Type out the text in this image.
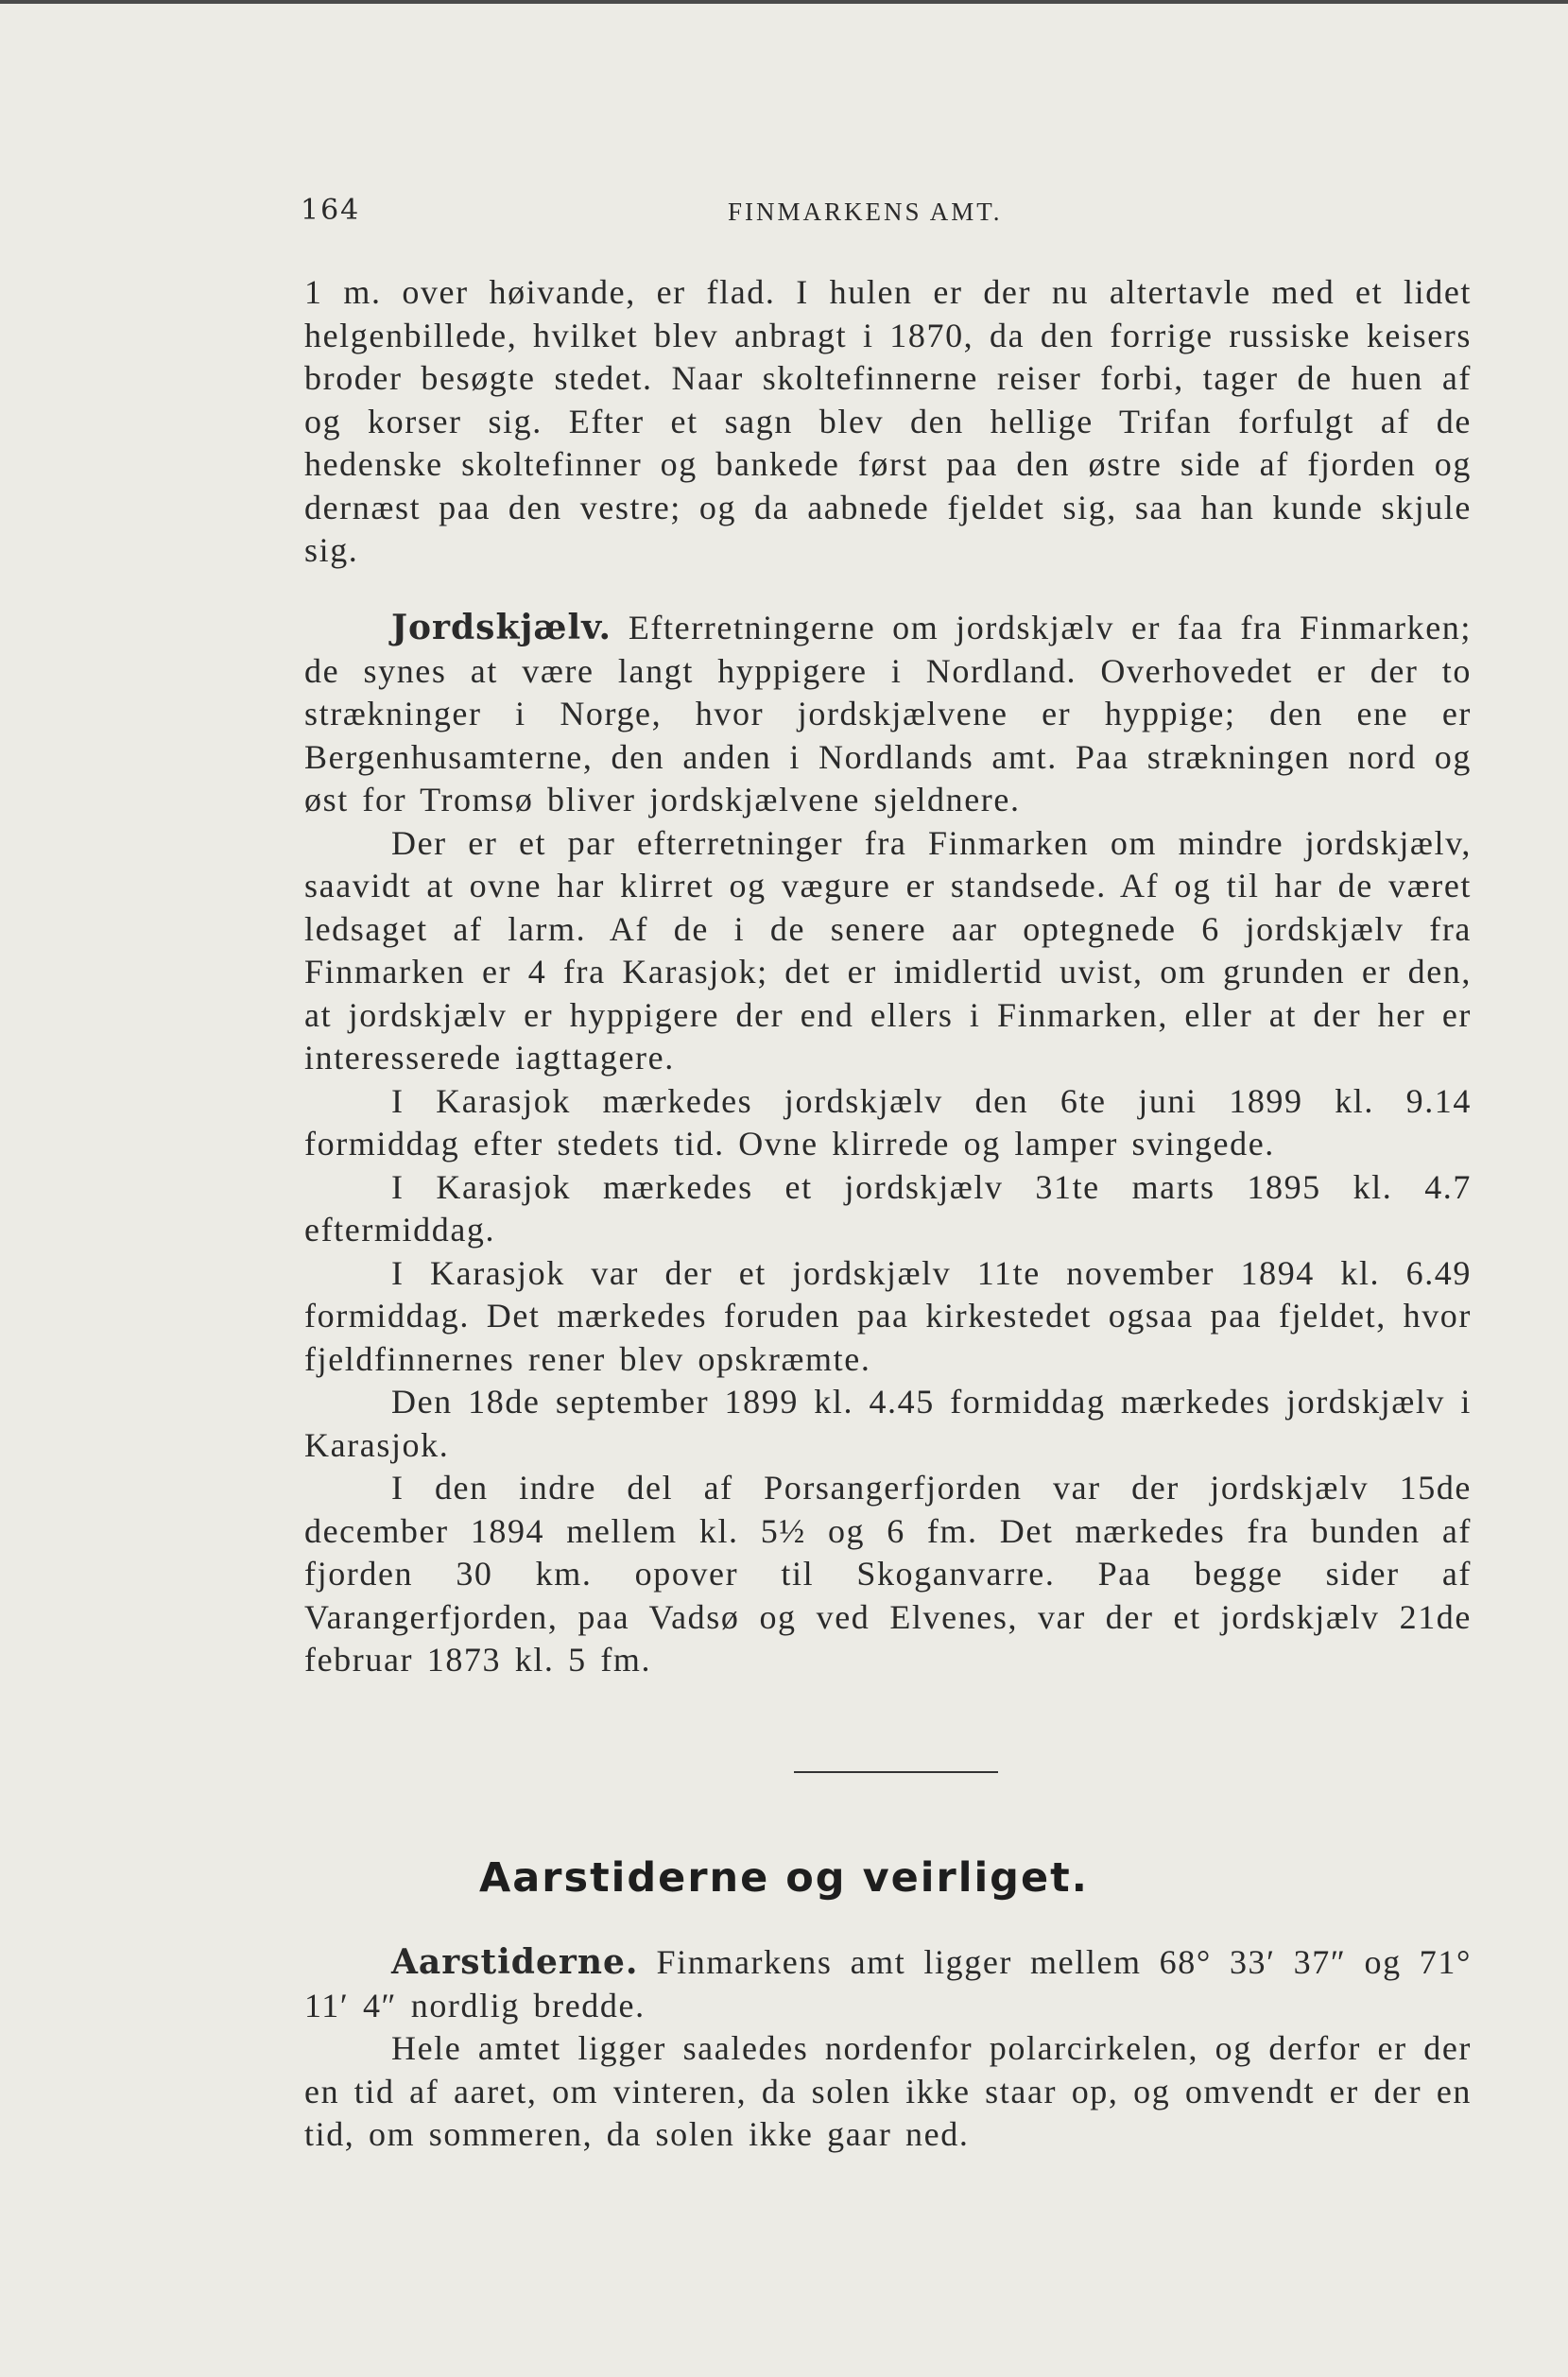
164	FINMARKENS AMT.

1 m. over høivande, er flad. I hulen er der nu altertavle med et lidet helgenbillede, hvilket blev anbragt i 1870, da den forrige russiske keisers broder besøgte stedet. Naar skoltefinnerne reiser forbi, tager de huen af og korser sig. Efter et sagn blev den hellige Trifan forfulgt af de hedenske skoltefinner og bankede først paa den østre side af fjorden og dernæst paa den vestre; og da aabnede fjeldet sig, saa han kunde skjule sig.

Jordskjælv. Efterretningerne om jordskjælv er faa fra Finmarken; de synes at være langt hyppigere i Nordland. Overhovedet er der to strækninger i Norge, hvor jordskjælvene er hyppige; den ene er Bergenhusamterne, den anden i Nordlands amt. Paa strækningen nord og øst for Tromsø bliver jordskjælvene sjeldnere.

Der er et par efterretninger fra Finmarken om mindre jordskjælv, saavidt at ovne har klirret og vægure er standsede. Af og til har de været ledsaget af larm. Af de i de senere aar optegnede 6 jordskjælv fra Finmarken er 4 fra Karasjok; det er imidlertid uvist, om grunden er den, at jordskjælv er hyppigere der end ellers i Finmarken, eller at der her er interesserede iagttagere.

I Karasjok mærkedes jordskjælv den 6te juni 1899 kl. 9.14 formiddag efter stedets tid. Ovne klirrede og lamper svingede.

I Karasjok mærkedes et jordskjælv 31te marts 1895 kl. 4.7 eftermiddag.

I Karasjok var der et jordskjælv 11te november 1894 kl. 6.49 formiddag. Det mærkedes foruden paa kirkestedet ogsaa paa fjeldet, hvor fjeldfinnernes rener blev opskræmte.

Den 18de september 1899 kl. 4.45 formiddag mærkedes jordskjælv i Karasjok.

I den indre del af Porsangerfjorden var der jordskjælv 15de december 1894 mellem kl. 5½ og 6 fm. Det mærkedes fra bunden af fjorden 30 km. opover til Skoganvarre. Paa begge sider af Varangerfjorden, paa Vadsø og ved Elvenes, var der et jordskjælv 21de februar 1873 kl. 5 fm.

Aarstiderne og veirliget.

Aarstiderne. Finmarkens amt ligger mellem 68° 33′ 37″ og 71° 11′ 4″ nordlig bredde.

Hele amtet ligger saaledes nordenfor polarcirkelen, og derfor er der en tid af aaret, om vinteren, da solen ikke staar op, og omvendt er der en tid, om sommeren, da solen ikke gaar ned.
